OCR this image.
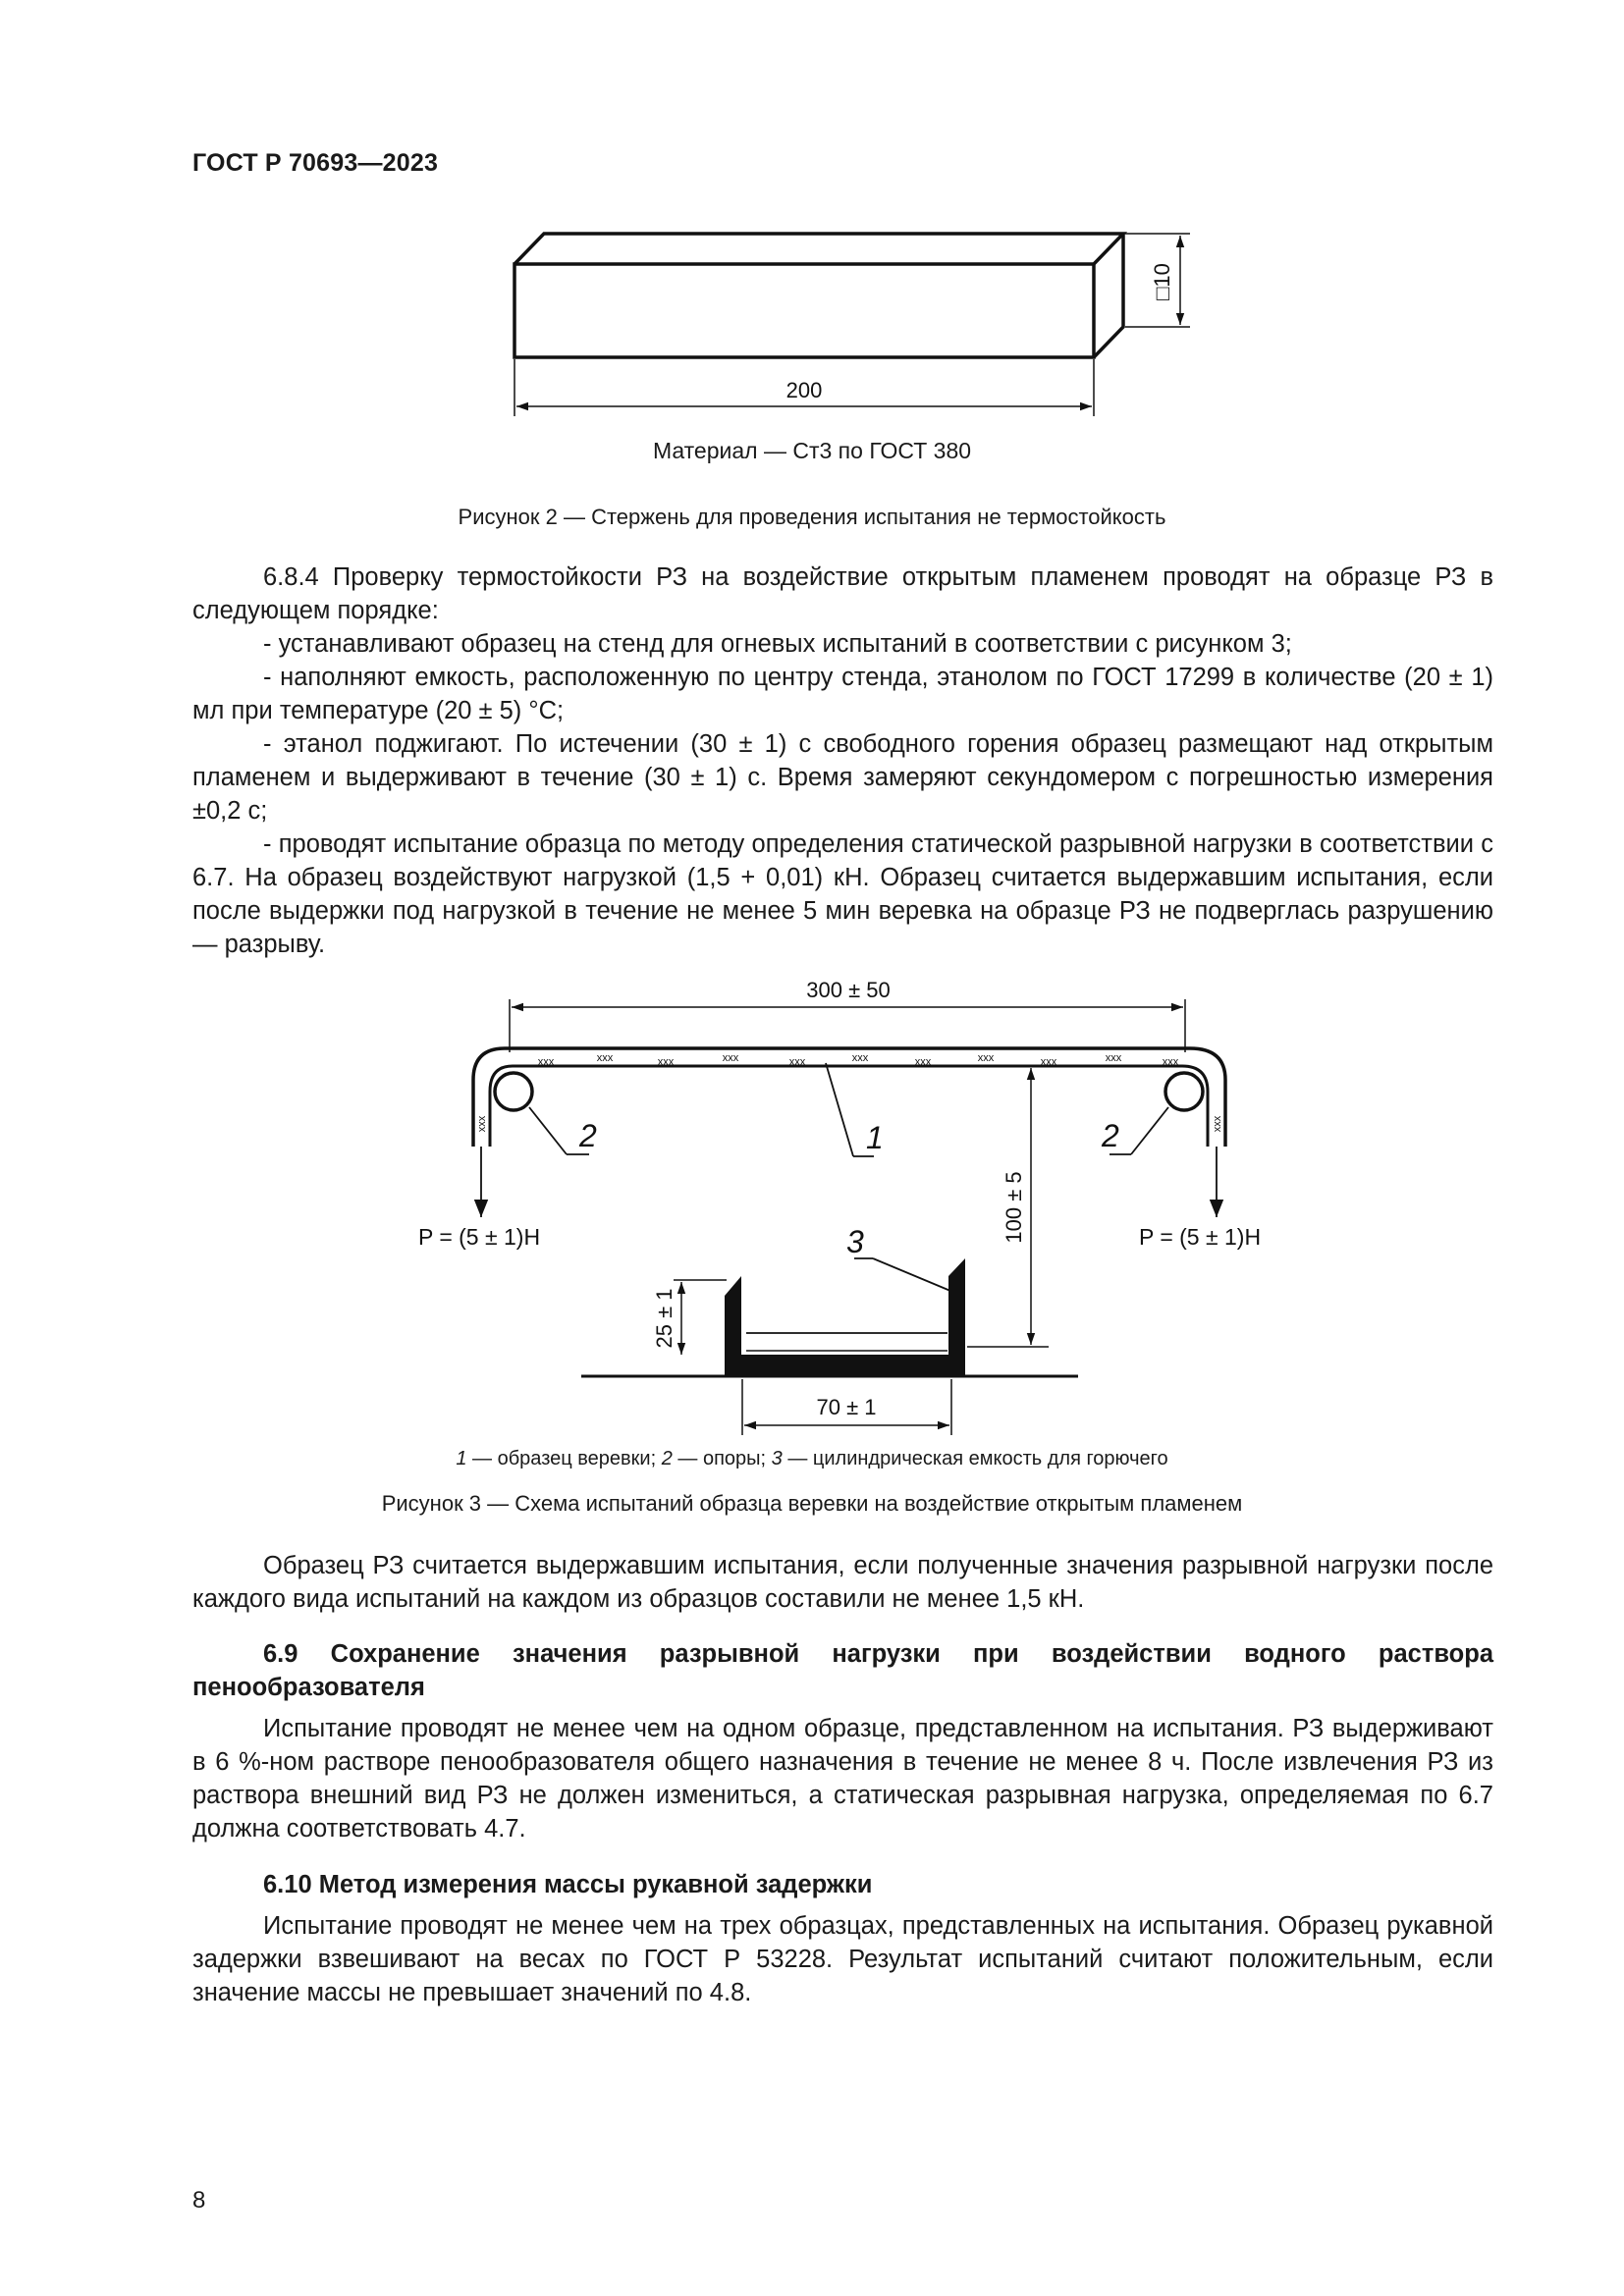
ГОСТ Р 70693—2023
200
□10
Материал — Ст3 по ГОСТ 380
Рисунок 2 — Стержень для проведения испытания не термостойкость

6.8.4 Проверку термостойкости РЗ на воздействие открытым пламенем проводят на образце РЗ в следующем порядке:

- устанавливают образец на стенд для огневых испытаний в соответствии с рисунком 3;

- наполняют емкость, расположенную по центру стенда, этанолом по ГОСТ 17299 в количестве (20 ± 1) мл при температуре (20 ± 5) °С;

- этанол поджигают. По истечении (30 ± 1) с свободного горения образец размещают над открытым пламенем и выдерживают в течение (30 ± 1) с. Время замеряют секундомером с погрешностью измерения ±0,2 с;

- проводят испытание образца по методу определения статической разрывной нагрузки в соответствии с 6.7. На образец воздействуют нагрузкой (1,5 + 0,01) кН. Образец считается выдержавшим испытания, если после выдержки под нагрузкой в течение не менее 5 мин веревка на образце РЗ не подверглась разрушению — разрыву.

xxx	xxx	xxx	xxx	xxx	xxx	xxx	xxx	xxx	xxx	xxx
xxx	xxx
300 ± 50
100 ± 5
25 ± 1
70 ± 1
1
2	2
3
P = (5 ± 1)H	P = (5 ± 1)H
1 — образец веревки; 2 — опоры; 3 — цилиндрическая емкость для горючего
Рисунок 3 — Схема испытаний образца веревки на воздействие открытым пламенем

Образец РЗ считается выдержавшим испытания, если полученные значения разрывной нагрузки после каждого вида испытаний на каждом из образцов составили не менее 1,5 кН.

6.9 Сохранение значения разрывной нагрузки при воздействии водного раствора пенообразователя

Испытание проводят не менее чем на одном образце, представленном на испытания. РЗ выдерживают в 6 %-ном растворе пенообразователя общего назначения в течение не менее 8 ч. После извлечения РЗ из раствора внешний вид РЗ не должен измениться, а статическая разрывная нагрузка, определяемая по 6.7 должна соответствовать 4.7.

6.10 Метод измерения массы рукавной задержки

Испытание проводят не менее чем на трех образцах, представленных на испытания. Образец рукавной задержки взвешивают на весах по ГОСТ Р 53228. Результат испытаний считают положительным, если значение массы не превышает значений по 4.8.

8
